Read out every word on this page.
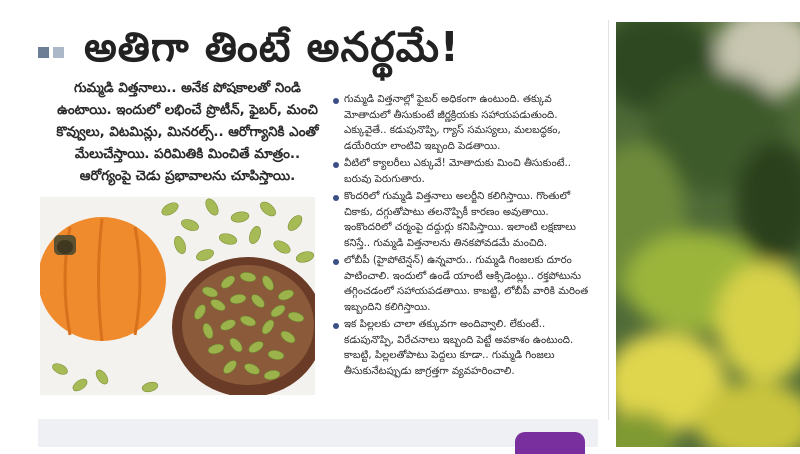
అతిగా తింటే అనర్థమే!
గుమ్మడి విత్తనాలు.. అనేక పోషకాలతో నిండి ఉంటాయి. ఇందులో లభించే ప్రొటీన్, ఫైబర్, మంచి కొవ్వులు, విటమిన్లు, మినరల్స్.. ఆరోగ్యానికి ఎంతో మేలుచేస్తాయి. పరిమితికి మించితే మాత్రం.. ఆరోగ్యంపై చెడు ప్రభావాలను చూపిస్తాయి.
గుమ్మడి విత్తనాల్లో ఫైబర్ అధికంగా ఉంటుంది. తక్కువ మోతాదులో తీసుకుంటే జీర్ణక్రియకు సహాయపడుతుంది. ఎక్కువైతే.. కడుపునొప్పి, గ్యాస్ సమస్యలు, మలబద్ధకం, డయేరియా లాంటివి ఇబ్బంది పెడతాయి.
వీటిలో క్యాలరీలు ఎక్కువే! మోతాదుకు మించి తీసుకుంటే.. బరువు పెరుగుతారు.
కొందరిలో గుమ్మడి విత్తనాలు అలర్జీని కలిగిస్తాయి. గొంతులో చికాకు, దగ్గుతోపాటు తలనొప్పికీ కారణం అవుతాయి. ఇంకొందరిలో చర్మంపై దద్దుర్లు కనిపిస్తాయి. ఇలాంటి లక్షణాలు కనిస్తే.. గుమ్మడి విత్తనాలను తినకపోవడమే మంచిది.
లోబీపీ (హైపోటెన్షన్) ఉన్నవారు.. గుమ్మడి గింజలకు దూరం పాటించాలి. ఇందులో ఉండే యాంటీ ఆక్సిడెంట్లు.. రక్తపోటును తగ్గించడంలో సహాయపడతాయి. కాబట్టి, లోబీపీ వారికి మరింత ఇబ్బందిని కలిగిస్తాయి.
ఇక పిల్లలకు చాలా తక్కువగా అందివ్వాలి. లేకుంటే.. కడుపునొప్పి, విరేచనాలు ఇబ్బంది పెట్టే అవకాశం ఉంటుంది. కాబట్టి, పిల్లలతోపాటు పెద్దలు కూడా.. గుమ్మడి గింజలు తీసుకునేటప్పుడు జాగ్రత్తగా వ్యవహరించాలి.
